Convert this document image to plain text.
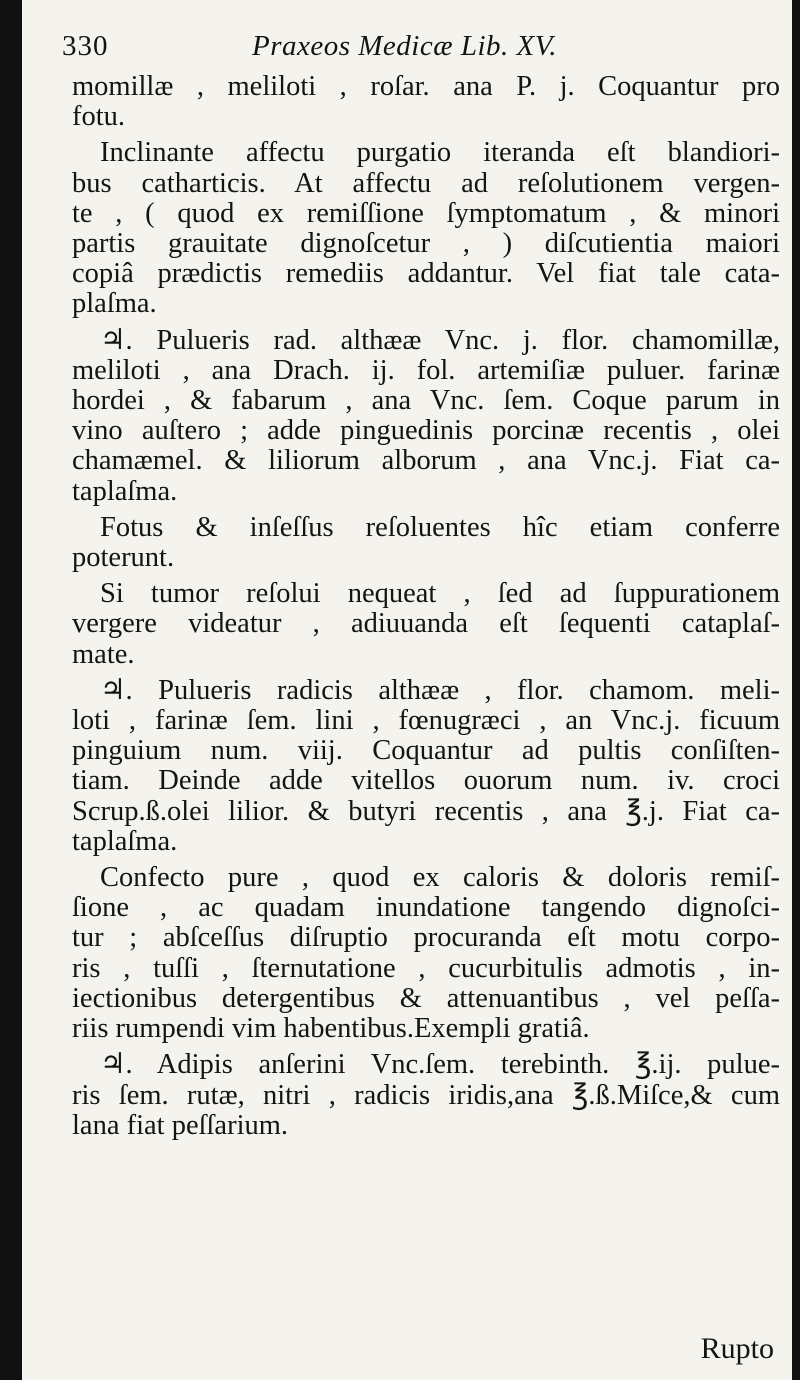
330	Praxeos Medicæ Lib. XV.
momillæ , meliloti , roſar. ana P. j. Coquantur pro
fotu.
Inclinante affectu purgatio iteranda eſt blandiori-
bus catharticis. At affectu ad reſolutionem vergen-
te , ( quod ex remiſſione ſymptomatum , & minori
partis grauitate dignoſcetur , ) diſcutientia maiori
copiâ prædictis remediis addantur. Vel fiat tale cata-
plaſma.
♃. Pulueris rad. althææ Vnc. j. flor. chamomillæ,
meliloti , ana Drach. ij. fol. artemiſiæ puluer. farinæ
hordei , & fabarum , ana Vnc. ſem. Coque parum in
vino auſtero ; adde pinguedinis porcinæ recentis , olei
chamæmel. & liliorum alborum , ana Vnc.j. Fiat ca-
taplaſma.
Fotus & inſeſſus reſoluentes hîc etiam conferre
poterunt.
Si tumor reſolui nequeat , ſed ad ſuppurationem
vergere videatur , adiuuanda eſt ſequenti cataplaſ-
mate.
♃. Pulueris radicis althææ , flor. chamom. meli-
loti , farinæ ſem. lini , fœnugræci , an Vnc.j. ficuum
pinguium num. viij. Coquantur ad pultis conſiſten-
tiam. Deinde adde vitellos ouorum num. iv. croci
Scrup.ß.olei lilior. & butyri recentis , ana ℥.j. Fiat ca-
taplaſma.
Confecto pure , quod ex caloris & doloris remiſ-
ſione , ac quadam inundatione tangendo dignoſci-
tur ; abſceſſus diſruptio procuranda eſt motu corpo-
ris , tuſſi , ſternutatione , cucurbitulis admotis , in-
iectionibus detergentibus & attenuantibus , vel peſſa-
riis rumpendi vim habentibus.Exempli gratiâ.
♃. Adipis anſerini Vnc.ſem. terebinth. ℥.ij. pulue-
ris ſem. rutæ, nitri , radicis iridis,ana ℥.ß.Miſce,& cum
lana fiat peſſarium.
Rupto
